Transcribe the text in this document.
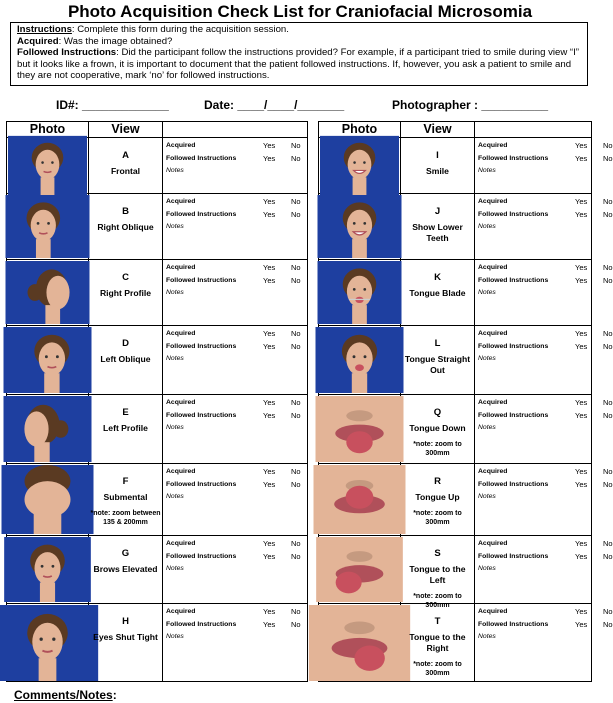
Photo Acquisition Check List for Craniofacial Microsomia
Instructions: Complete this form during the acquisition session.
Acquired: Was the image obtained?
Followed Instructions: Did the participant follow the instructions provided? For example, if a participant tried to smile during view “I” but it looks like a frown, it is important to document that the patient followed instructions. If, however, you ask a patient to smile and they are not cooperative, mark ‘no’ for followed instructions.
ID#: _____________	Date: ____/____/_______	Photographer : __________
Photo	View
A
Frontal
Acquired	Yes No
Followed Instructions	Yes No
Notes
B
Right Oblique
Acquired	Yes No
Followed Instructions	Yes No
Notes
C
Right Profile
Acquired	Yes No
Followed Instructions	Yes No
Notes
D
Left Oblique
Acquired	Yes No
Followed Instructions	Yes No
Notes
E
Left Profile
Acquired	Yes No
Followed Instructions	Yes No
Notes
F
Submental
*note: zoom between 135 & 200mm
Acquired	Yes No
Followed Instructions	Yes No
Notes
G
Brows Elevated
Acquired	Yes No
Followed Instructions	Yes No
Notes
H
Eyes Shut Tight
Acquired	Yes No
Followed Instructions	Yes No
Notes
Photo	View
I
Smile
Acquired	Yes No
Followed Instructions	Yes No
Notes
J
Show Lower Teeth
Acquired	Yes No
Followed Instructions	Yes No
Notes
K
Tongue Blade
Acquired	Yes No
Followed Instructions	Yes No
Notes
L
Tongue Straight Out
Acquired	Yes No
Followed Instructions	Yes No
Notes
Q
Tongue Down
*note: zoom to 300mm
Acquired	Yes No
Followed Instructions	Yes No
Notes
R
Tongue Up
*note: zoom to 300mm
Acquired	Yes No
Followed Instructions	Yes No
Notes
S
Tongue to the Left
*note: zoom to 300mm
Acquired	Yes No
Followed Instructions	Yes No
Notes
T
Tongue to the Right
*note: zoom to 300mm
Acquired	Yes No
Followed Instructions	Yes No
Notes
Comments/Notes:
